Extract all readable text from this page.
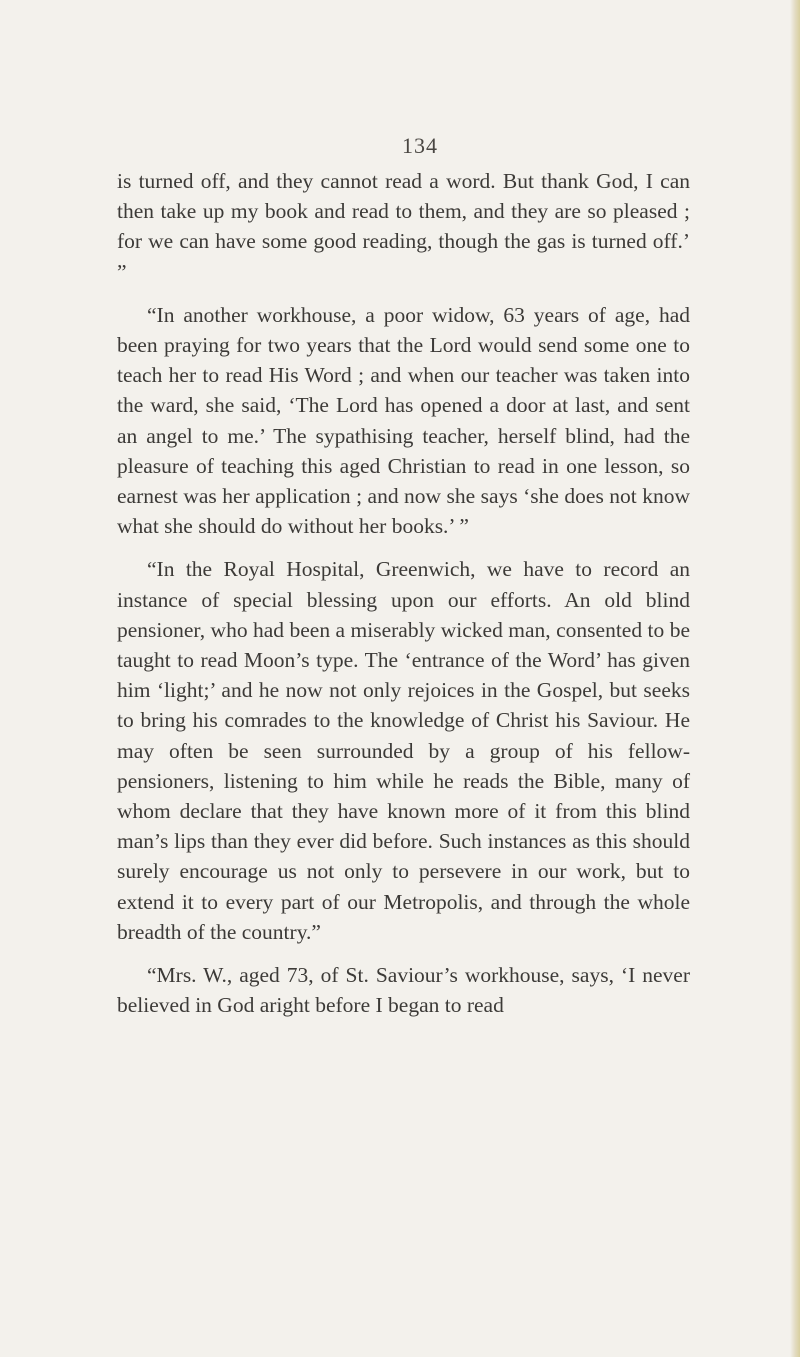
134

is turned off, and they cannot read a word. But thank God, I can then take up my book and read to them, and they are so pleased ; for we can have some good reading, though the gas is turned off.’ ”

“In another workhouse, a poor widow, 63 years of age, had been praying for two years that the Lord would send some one to teach her to read His Word ; and when our teacher was taken into the ward, she said, ‘The Lord has opened a door at last, and sent an angel to me.’ The sypathising teacher, herself blind, had the pleasure of teaching this aged Christian to read in one lesson, so earnest was her application ; and now she says ‘she does not know what she should do without her books.’ ”

“In the Royal Hospital, Greenwich, we have to record an instance of special blessing upon our efforts. An old blind pensioner, who had been a miserably wicked man, consented to be taught to read Moon’s type. The ‘entrance of the Word’ has given him ‘light;’ and he now not only rejoices in the Gospel, but seeks to bring his comrades to the knowledge of Christ his Saviour. He may often be seen surrounded by a group of his fellow-pensioners, listening to him while he reads the Bible, many of whom declare that they have known more of it from this blind man’s lips than they ever did before. Such instances as this should surely encourage us not only to persevere in our work, but to extend it to every part of our Metropolis, and through the whole breadth of the country.”

“Mrs. W., aged 73, of St. Saviour’s workhouse, says, ‘I never believed in God aright before I began to read
